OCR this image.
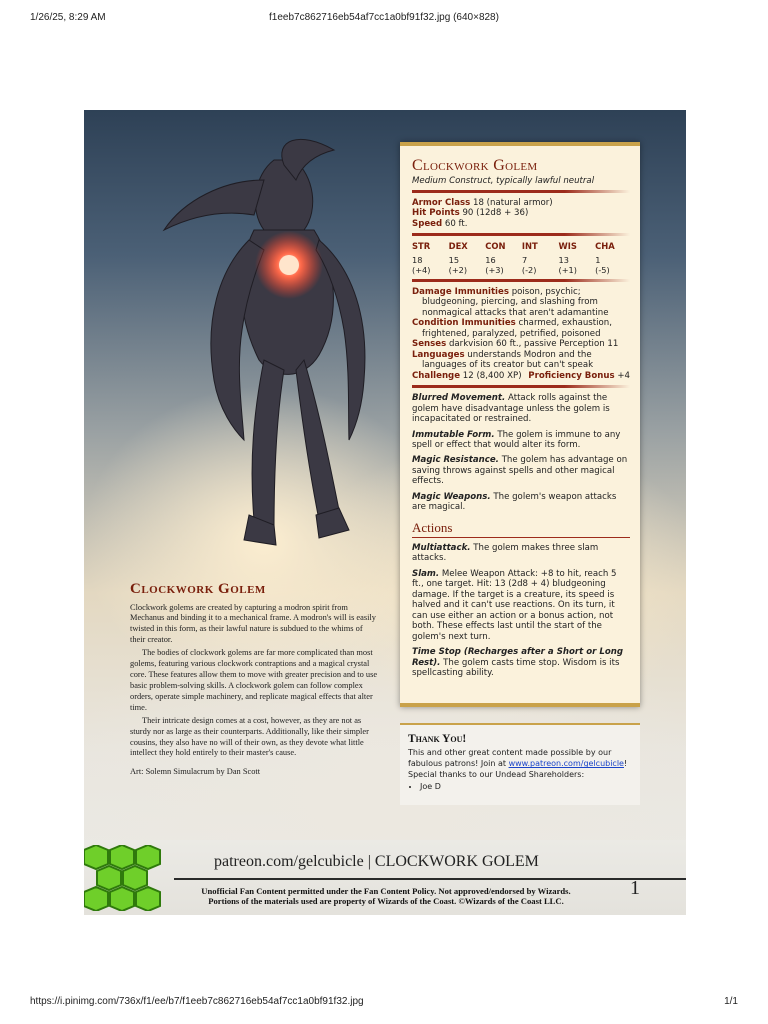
1/26/25, 8:29 AM	f1eeb7c862716eb54af7cc1a0bf91f32.jpg (640×828)
Clockwork Golem
Medium Construct, typically lawful neutral
Armor Class 18 (natural armor)
Hit Points 90 (12d8 + 36)
Speed 60 ft.
STR
18 (+4)
DEX
15 (+2)
CON
16 (+3)
INT
7 (-2)
WIS
13 (+1)
CHA
1 (-5)
Damage Immunities poison, psychic; bludgeoning, piercing, and slashing from nonmagical attacks that aren't adamantine
Condition Immunities charmed, exhaustion, frightened, paralyzed, petrified, poisoned
Senses darkvision 60 ft., passive Perception 11
Languages understands Modron and the languages of its creator but can't speak
Challenge 12 (8,400 XP) Proficiency Bonus +4
Blurred Movement. Attack rolls against the golem have disadvantage unless the golem is incapacitated or restrained.
Immutable Form. The golem is immune to any spell or effect that would alter its form.
Magic Resistance. The golem has advantage on saving throws against spells and other magical effects.
Magic Weapons. The golem's weapon attacks are magical.
Actions
Multiattack. The golem makes three slam attacks.
Slam. Melee Weapon Attack: +8 to hit, reach 5 ft., one target. Hit: 13 (2d8 + 4) bludgeoning damage. If the target is a creature, its speed is halved and it can't use reactions. On its turn, it can use either an action or a bonus action, not both. These effects last until the start of the golem's next turn.
Time Stop (Recharges after a Short or Long Rest). The golem casts time stop. Wisdom is its spellcasting ability.
Clockwork Golem

Clockwork golems are created by capturing a modron spirit from Mechanus and binding it to a mechanical frame. A modron's will is easily twisted in this form, as their lawful nature is subdued to the whims of their creator.

The bodies of clockwork golems are far more complicated than most golems, featuring various clockwork contraptions and a magical crystal core. These features allow them to move with greater precision and to use basic problem-solving skills. A clockwork golem can follow complex orders, operate simple machinery, and replicate magical effects that alter time.

Their intricate design comes at a cost, however, as they are not as sturdy nor as large as their counterparts. Additionally, like their simpler cousins, they also have no will of their own, as they devote what little intellect they hold entirely to their master's cause.

Art: Solemn Simulacrum by Dan Scott

Thank You!
This and other great content made possible by our fabulous patrons! Join at www.patreon.com/gelcubicle! Special thanks to our Undead Shareholders:
• Joe D
patreon.com/gelcubicle | CLOCKWORK GOLEM
Unofficial Fan Content permitted under the Fan Content Policy. Not approved/endorsed by Wizards.
Portions of the materials used are property of Wizards of the Coast. ©Wizards of the Coast LLC.
1
https://i.pinimg.com/736x/f1/ee/b7/f1eeb7c862716eb54af7cc1a0bf91f32.jpg	1/1
